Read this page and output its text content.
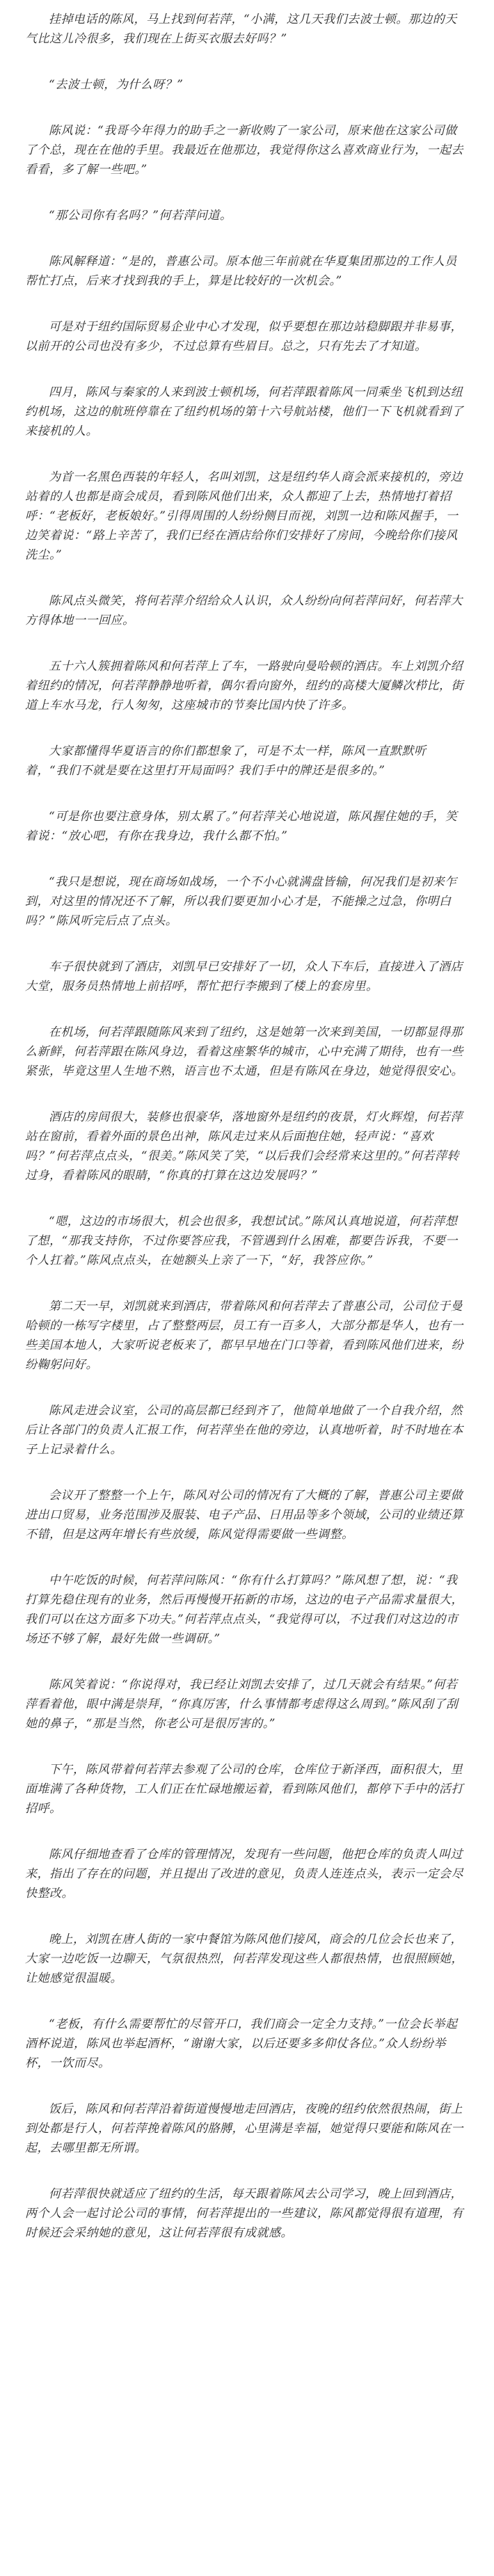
挂掉电话的陈风，马上找到何若萍，“小满，这几天我们去波士顿。那边的天气比这儿冷很多，我们现在上街买衣服去好吗？”

“去波士顿，为什么呀？”

陈风说：“我哥今年得力的助手之一新收购了一家公司，原来他在这家公司做了个总，现在在他的手里。我最近在他那边，我觉得你这么喜欢商业行为，一起去看看，多了解一些吧。”

“那公司你有名吗？”何若萍问道。

陈风解释道：“是的，普惠公司。原本他三年前就在华夏集团那边的工作人员帮忙打点，后来才找到我的手上，算是比较好的一次机会。”

可是对于纽约国际贸易企业中心才发现，似乎要想在那边站稳脚跟并非易事，以前开的公司也没有多少，不过总算有些眉目。总之，只有先去了才知道。

四月，陈风与秦家的人来到波士顿机场，何若萍跟着陈风一同乘坐飞机到达纽约机场，这边的航班停靠在了纽约机场的第十六号航站楼，他们一下飞机就看到了来接机的人。

为首一名黑色西装的年轻人，名叫刘凯，这是纽约华人商会派来接机的，旁边站着的人也都是商会成员，看到陈风他们出来，众人都迎了上去，热情地打着招呼：“老板好，老板娘好。”引得周围的人纷纷侧目而视，刘凯一边和陈风握手，一边笑着说：“路上辛苦了，我们已经在酒店给你们安排好了房间，今晚给你们接风洗尘。”

陈风点头微笑，将何若萍介绍给众人认识，众人纷纷向何若萍问好，何若萍大方得体地一一回应。

五十六人簇拥着陈风和何若萍上了车，一路驶向曼哈顿的酒店。车上刘凯介绍着纽约的情况，何若萍静静地听着，偶尔看向窗外，纽约的高楼大厦鳞次栉比，街道上车水马龙，行人匆匆，这座城市的节奏比国内快了许多。

大家都懂得华夏语言的你们都想象了，可是不太一样，陈风一直默默听着，“我们不就是要在这里打开局面吗？我们手中的牌还是很多的。”

“可是你也要注意身体，别太累了。”何若萍关心地说道，陈风握住她的手，笑着说：“放心吧，有你在我身边，我什么都不怕。”

“我只是想说，现在商场如战场，一个不小心就满盘皆输，何况我们是初来乍到，对这里的情况还不了解，所以我们要更加小心才是，不能操之过急，你明白吗？”陈风听完后点了点头。

车子很快就到了酒店，刘凯早已安排好了一切，众人下车后，直接进入了酒店大堂，服务员热情地上前招呼，帮忙把行李搬到了楼上的套房里。

在机场，何若萍跟随陈风来到了纽约，这是她第一次来到美国，一切都显得那么新鲜，何若萍跟在陈风身边，看着这座繁华的城市，心中充满了期待，也有一些紧张，毕竟这里人生地不熟，语言也不太通，但是有陈风在身边，她觉得很安心。

酒店的房间很大，装修也很豪华，落地窗外是纽约的夜景，灯火辉煌，何若萍站在窗前，看着外面的景色出神，陈风走过来从后面抱住她，轻声说：“喜欢吗？”何若萍点点头，“很美。”陈风笑了笑，“以后我们会经常来这里的。”何若萍转过身，看着陈风的眼睛，“你真的打算在这边发展吗？”

“嗯，这边的市场很大，机会也很多，我想试试。”陈风认真地说道，何若萍想了想，“那我支持你，不过你要答应我，不管遇到什么困难，都要告诉我，不要一个人扛着。”陈风点点头，在她额头上亲了一下，“好，我答应你。”

第二天一早，刘凯就来到酒店，带着陈风和何若萍去了普惠公司，公司位于曼哈顿的一栋写字楼里，占了整整两层，员工有一百多人，大部分都是华人，也有一些美国本地人，大家听说老板来了，都早早地在门口等着，看到陈风他们进来，纷纷鞠躬问好。

陈风走进会议室，公司的高层都已经到齐了，他简单地做了一个自我介绍，然后让各部门的负责人汇报工作，何若萍坐在他的旁边，认真地听着，时不时地在本子上记录着什么。

会议开了整整一个上午，陈风对公司的情况有了大概的了解，普惠公司主要做进出口贸易，业务范围涉及服装、电子产品、日用品等多个领域，公司的业绩还算不错，但是这两年增长有些放缓，陈风觉得需要做一些调整。

中午吃饭的时候，何若萍问陈风：“你有什么打算吗？”陈风想了想，说：“我打算先稳住现有的业务，然后再慢慢开拓新的市场，这边的电子产品需求量很大，我们可以在这方面多下功夫。”何若萍点点头，“我觉得可以，不过我们对这边的市场还不够了解，最好先做一些调研。”

陈风笑着说：“你说得对，我已经让刘凯去安排了，过几天就会有结果。”何若萍看着他，眼中满是崇拜，“你真厉害，什么事情都考虑得这么周到。”陈风刮了刮她的鼻子，“那是当然，你老公可是很厉害的。”

下午，陈风带着何若萍去参观了公司的仓库，仓库位于新泽西，面积很大，里面堆满了各种货物，工人们正在忙碌地搬运着，看到陈风他们，都停下手中的活打招呼。

陈风仔细地查看了仓库的管理情况，发现有一些问题，他把仓库的负责人叫过来，指出了存在的问题，并且提出了改进的意见，负责人连连点头，表示一定会尽快整改。

晚上，刘凯在唐人街的一家中餐馆为陈风他们接风，商会的几位会长也来了，大家一边吃饭一边聊天，气氛很热烈，何若萍发现这些人都很热情，也很照顾她，让她感觉很温暖。

“老板，有什么需要帮忙的尽管开口，我们商会一定全力支持。”一位会长举起酒杯说道，陈风也举起酒杯，“谢谢大家，以后还要多多仰仗各位。”众人纷纷举杯，一饮而尽。

饭后，陈风和何若萍沿着街道慢慢地走回酒店，夜晚的纽约依然很热闹，街上到处都是行人，何若萍挽着陈风的胳膊，心里满是幸福，她觉得只要能和陈风在一起，去哪里都无所谓。

何若萍很快就适应了纽约的生活，每天跟着陈风去公司学习，晚上回到酒店，两个人会一起讨论公司的事情，何若萍提出的一些建议，陈风都觉得很有道理，有时候还会采纳她的意见，这让何若萍很有成就感。
